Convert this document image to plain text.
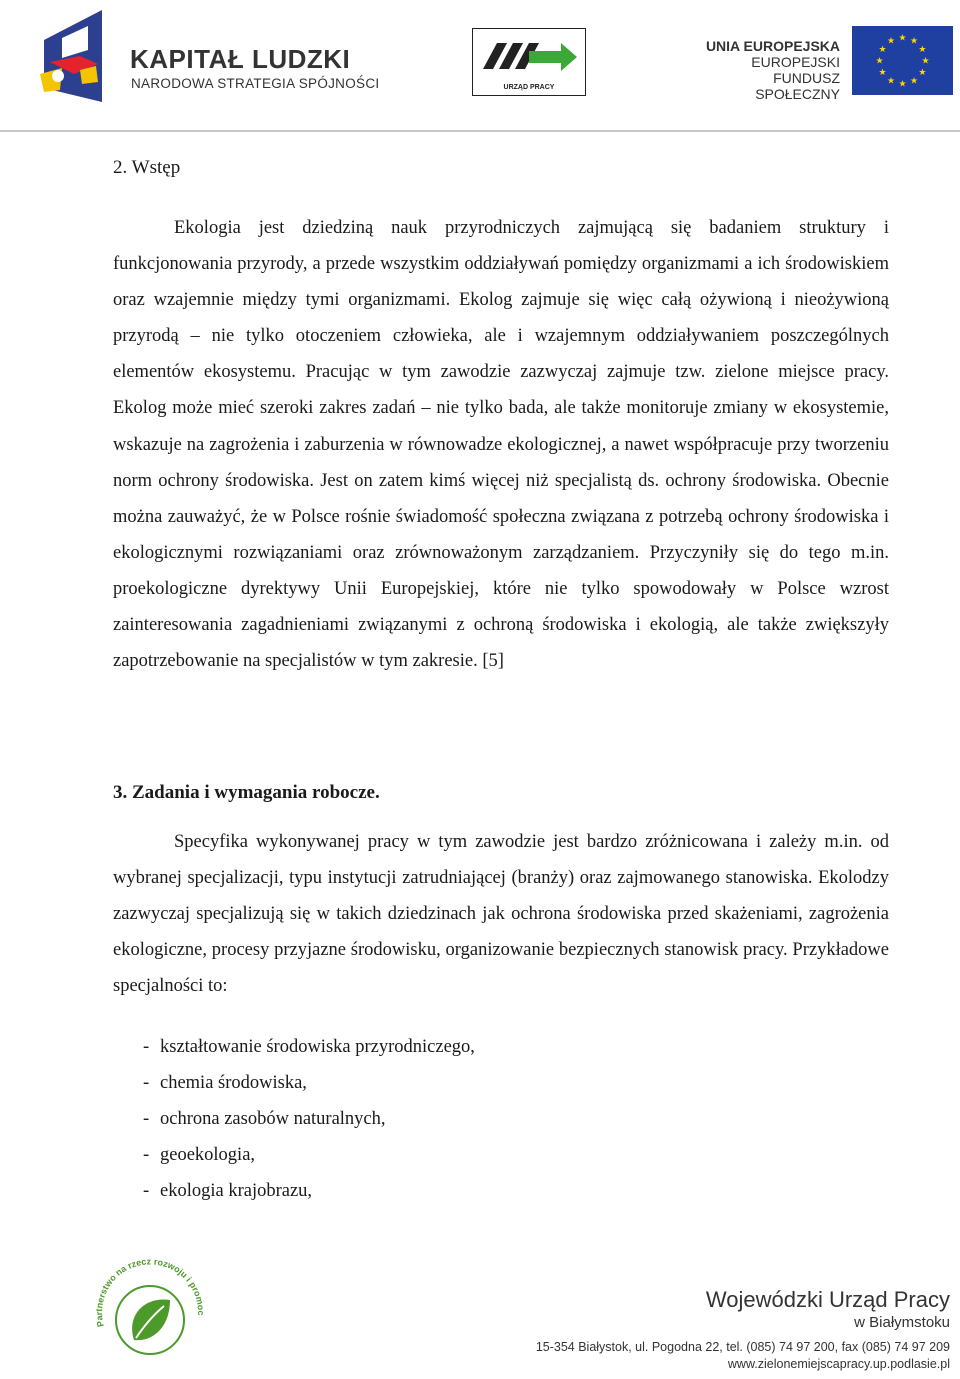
KAPITAŁ LUDZKI
NARODOWA STRATEGIA SPÓJNOŚCI	URZĄD PRACY
UNIA EUROPEJSKA
EUROPEJSKI
FUNDUSZ SPOŁECZNY
★ ★
★
★
★
★
★
★
★
★
★
★
2. Wstęp
Ekologia jest dziedziną nauk przyrodniczych zajmującą się badaniem struktury i funkcjonowania przyrody, a przede wszystkim oddziaływań pomiędzy organizmami a ich środowiskiem oraz wzajemnie między tymi organizmami. Ekolog zajmuje się więc całą ożywioną i nieożywioną przyrodą – nie tylko otoczeniem człowieka, ale i wzajemnym oddziaływaniem poszczególnych elementów ekosystemu. Pracując w tym zawodzie zazwyczaj zajmuje tzw. zielone miejsce pracy. Ekolog może mieć szeroki zakres zadań – nie tylko bada, ale także monitoruje zmiany w ekosystemie, wskazuje na zagrożenia i zaburzenia w równowadze ekologicznej, a nawet współpracuje przy tworzeniu norm ochrony środowiska. Jest on zatem kimś więcej niż specjalistą ds. ochrony środowiska. Obecnie można zauważyć, że w Polsce rośnie świadomość społeczna związana z potrzebą ochrony środowiska i ekologicznymi rozwiązaniami oraz zrównoważonym zarządzaniem. Przyczyniły się do tego m.in. proekologiczne dyrektywy Unii Europejskiej, które nie tylko spowodowały w Polsce wzrost zainteresowania zagadnieniami związanymi z ochroną środowiska i ekologią, ale także zwiększyły zapotrzebowanie na specjalistów w tym zakresie. [5]
3. Zadania i wymagania robocze.
Specyfika wykonywanej pracy w tym zawodzie jest bardzo zróżnicowana i zależy m.in. od wybranej specjalizacji, typu instytucji zatrudniającej (branży) oraz zajmowanego stanowiska. Ekolodzy zazwyczaj specjalizują się w takich dziedzinach jak ochrona środowiska przed skażeniami, zagrożenia ekologiczne, procesy przyjazne środowisku, organizowanie bezpiecznych stanowisk pracy. Przykładowe specjalności to:
- kształtowanie środowiska przyrodniczego,
- chemia środowiska,
- ochrona zasobów naturalnych,
- geoekologia,
- ekologia krajobrazu,
Partnerstwo na rzecz rozwoju i promoc
Wojewódzki Urząd Pracy
w Białymstoku
15-354 Białystok, ul. Pogodna 22, tel. (085) 74 97 200, fax (085) 74 97 209
www.zielonemiejscapracy.up.podlasie.pl
